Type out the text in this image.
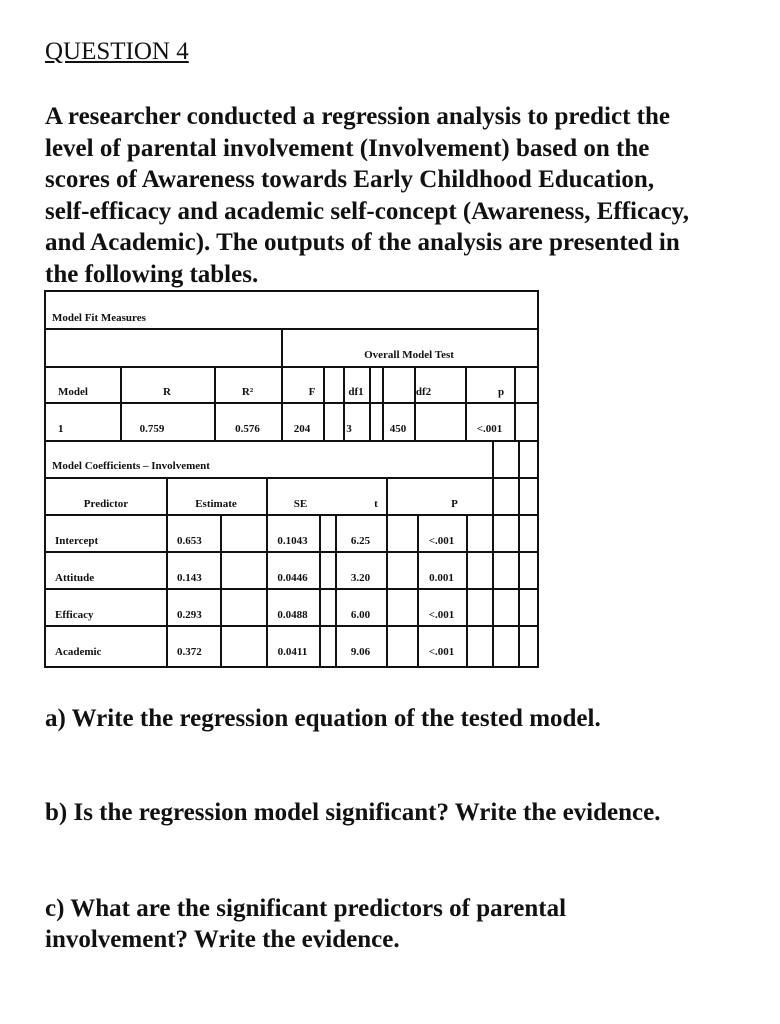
QUESTION 4
A researcher conducted a regression analysis to predict the
level of parental involvement (Involvement) based on the
scores of Awareness towards Early Childhood Education,
self-efficacy and academic self-concept (Awareness, Efficacy,
and Academic). The outputs of the analysis are presented in
the following tables.
Model Fit Measures
Overall Model Test
Model	R	R²	F	df1	df2	p
1	0.759	0.576	204	3	450	<.001
Model Coefficients – Involvement
Predictor	Estimate	SE	t	P
Intercept	0.653	0.1043	6.25	<.001
Attitude	0.143	0.0446	3.20	0.001
Efficacy	0.293	0.0488	6.00	<.001
Academic	0.372	0.0411	9.06	<.001
a) Write the regression equation of the tested model.
b) Is the regression model significant? Write the evidence.
c) What are the significant predictors of parental
involvement? Write the evidence.
